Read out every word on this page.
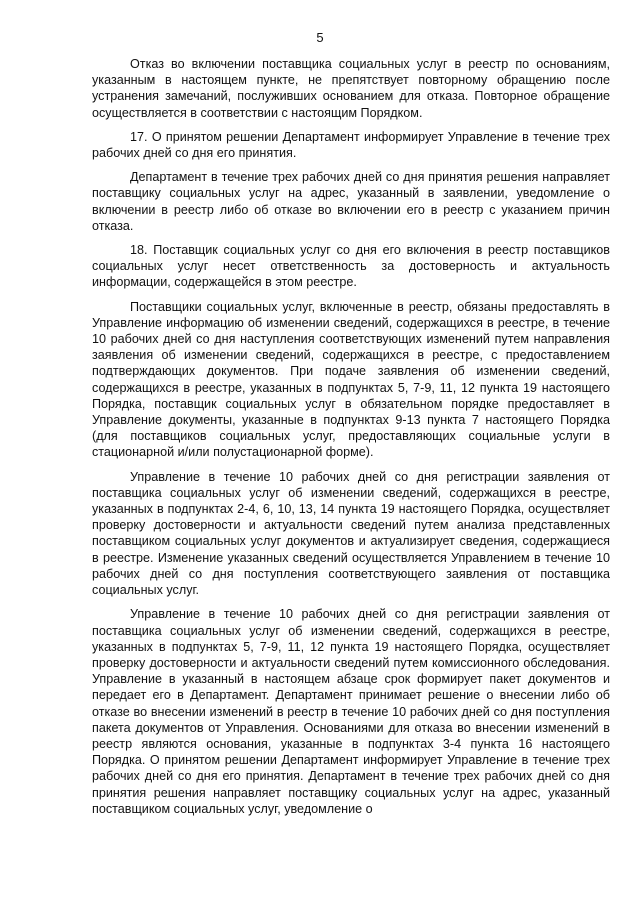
5

Отказ во включении поставщика социальных услуг в реестр по основаниям, указанным в настоящем пункте, не препятствует повторному обращению после устранения замечаний, послуживших основанием для отказа. Повторное обращение осуществляется в соответствии с настоящим Порядком.

17. О принятом решении Департамент информирует Управление в течение трех рабочих дней со дня его принятия.

Департамент в течение трех рабочих дней со дня принятия решения направляет поставщику социальных услуг на адрес, указанный в заявлении, уведомление о включении в реестр либо об отказе во включении его в реестр с указанием причин отказа.

18. Поставщик социальных услуг со дня его включения в реестр поставщиков социальных услуг несет ответственность за достоверность и актуальность информации, содержащейся в этом реестре.

Поставщики социальных услуг, включенные в реестр, обязаны предоставлять в Управление информацию об изменении сведений, содержащихся в реестре, в течение 10 рабочих дней со дня наступления соответствующих изменений путем направления заявления об изменении сведений, содержащихся в реестре, с предоставлением подтверждающих документов. При подаче заявления об изменении сведений, содержащихся в реестре, указанных в подпунктах 5, 7-9, 11, 12 пункта 19 настоящего Порядка, поставщик социальных услуг в обязательном порядке предоставляет в Управление документы, указанные в подпунктах 9-13 пункта 7 настоящего Порядка (для поставщиков социальных услуг, предоставляющих социальные услуги в стационарной и/или полустационарной форме).

Управление в течение 10 рабочих дней со дня регистрации заявления от поставщика социальных услуг об изменении сведений, содержащихся в реестре, указанных в подпунктах 2-4, 6, 10, 13, 14 пункта 19 настоящего Порядка, осуществляет проверку достоверности и актуальности сведений путем анализа представленных поставщиком социальных услуг документов и актуализирует сведения, содержащиеся в реестре. Изменение указанных сведений осуществляется Управлением в течение 10 рабочих дней со дня поступления соответствующего заявления от поставщика социальных услуг.

Управление в течение 10 рабочих дней со дня регистрации заявления от поставщика социальных услуг об изменении сведений, содержащихся в реестре, указанных в подпунктах 5, 7-9, 11, 12 пункта 19 настоящего Порядка, осуществляет проверку достоверности и актуальности сведений путем комиссионного обследования. Управление в указанный в настоящем абзаце срок формирует пакет документов и передает его в Департамент. Департамент принимает решение о внесении либо об отказе во внесении изменений в реестр в течение 10 рабочих дней со дня поступления пакета документов от Управления. Основаниями для отказа во внесении изменений в реестр являются основания, указанные в подпунктах 3-4 пункта 16 настоящего Порядка. О принятом решении Департамент информирует Управление в течение трех рабочих дней со дня его принятия. Департамент в течение трех рабочих дней со дня принятия решения направляет поставщику социальных услуг на адрес, указанный поставщиком социальных услуг, уведомление о
